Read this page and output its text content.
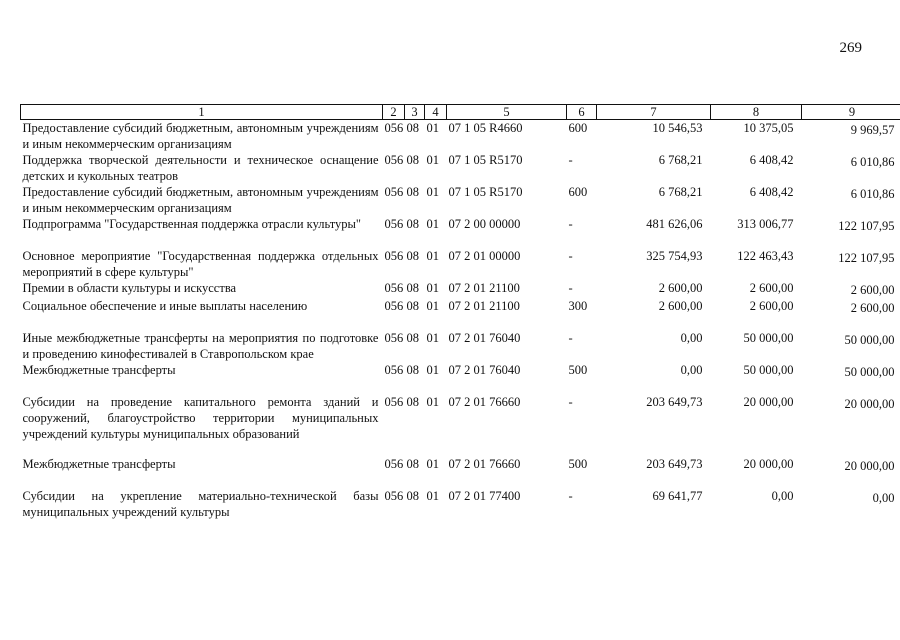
269
1	2	3	4	5	6	7	8	9
Предоставление субсидий бюджетным, автономным учреждениям и иным некоммерческим организациям	056	08	01	07 1 05 R4660	600	10 546,53	10 375,05	9 969,57
Поддержка творческой деятельности и техническое оснащение детских и кукольных театров	056	08	01	07 1 05 R5170	-	6 768,21	6 408,42	6 010,86
Предоставление субсидий бюджетным, автономным учреждениям и иным некоммерческим организациям	056	08	01	07 1 05 R5170	600	6 768,21	6 408,42	6 010,86
Подпрограмма "Государственная поддержка отрасли культуры"	056	08	01	07 2 00 00000	-	481 626,06	313 006,77	122 107,95
Основное мероприятие "Государственная поддержка отдельных мероприятий в сфере культуры"	056	08	01	07 2 01 00000	-	325 754,93	122 463,43	122 107,95
Премии в области культуры и искусства	056	08	01	07 2 01 21100	-	2 600,00	2 600,00	2 600,00
Социальное обеспечение и иные выплаты населению	056	08	01	07 2 01 21100	300	2 600,00	2 600,00	2 600,00
Иные межбюджетные трансферты на мероприятия по подготовке и проведению кинофестивалей в Ставропольском крае	056	08	01	07 2 01 76040	-	0,00	50 000,00	50 000,00
Межбюджетные трансферты	056	08	01	07 2 01 76040	500	0,00	50 000,00	50 000,00
Субсидии на проведение капитального ремонта зданий и сооружений, благоустройство территории муниципальных учреждений культуры муниципальных образований	056	08	01	07 2 01 76660	-	203 649,73	20 000,00	20 000,00
Межбюджетные трансферты	056	08	01	07 2 01 76660	500	203 649,73	20 000,00	20 000,00
Субсидии на укрепление материально-технической базы муниципальных учреждений культуры	056	08	01	07 2 01 77400	-	69 641,77	0,00	0,00
